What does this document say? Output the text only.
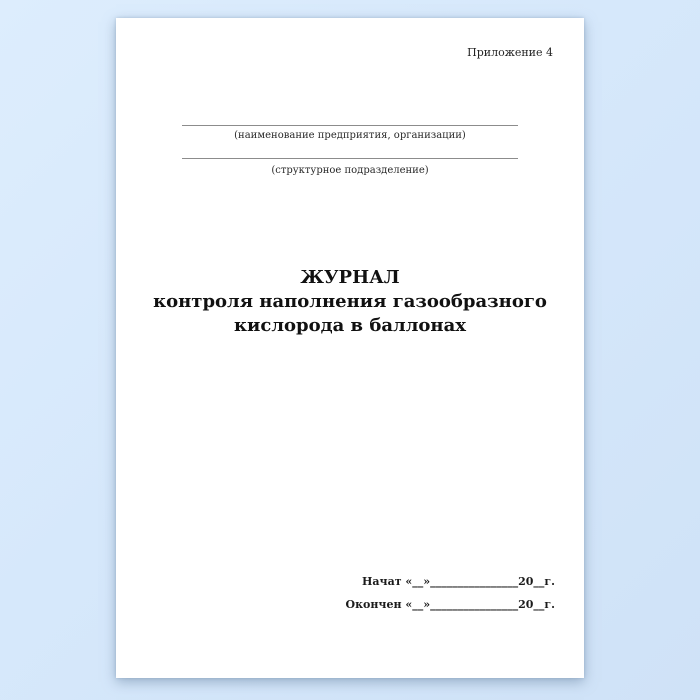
Приложение 4
(наименование предприятия, организации)
(структурное подразделение)
ЖУРНАЛ
контроля наполнения газообразного
кислорода в баллонах
Начат «__»________________20__г.
Окончен «__»________________20__г.
